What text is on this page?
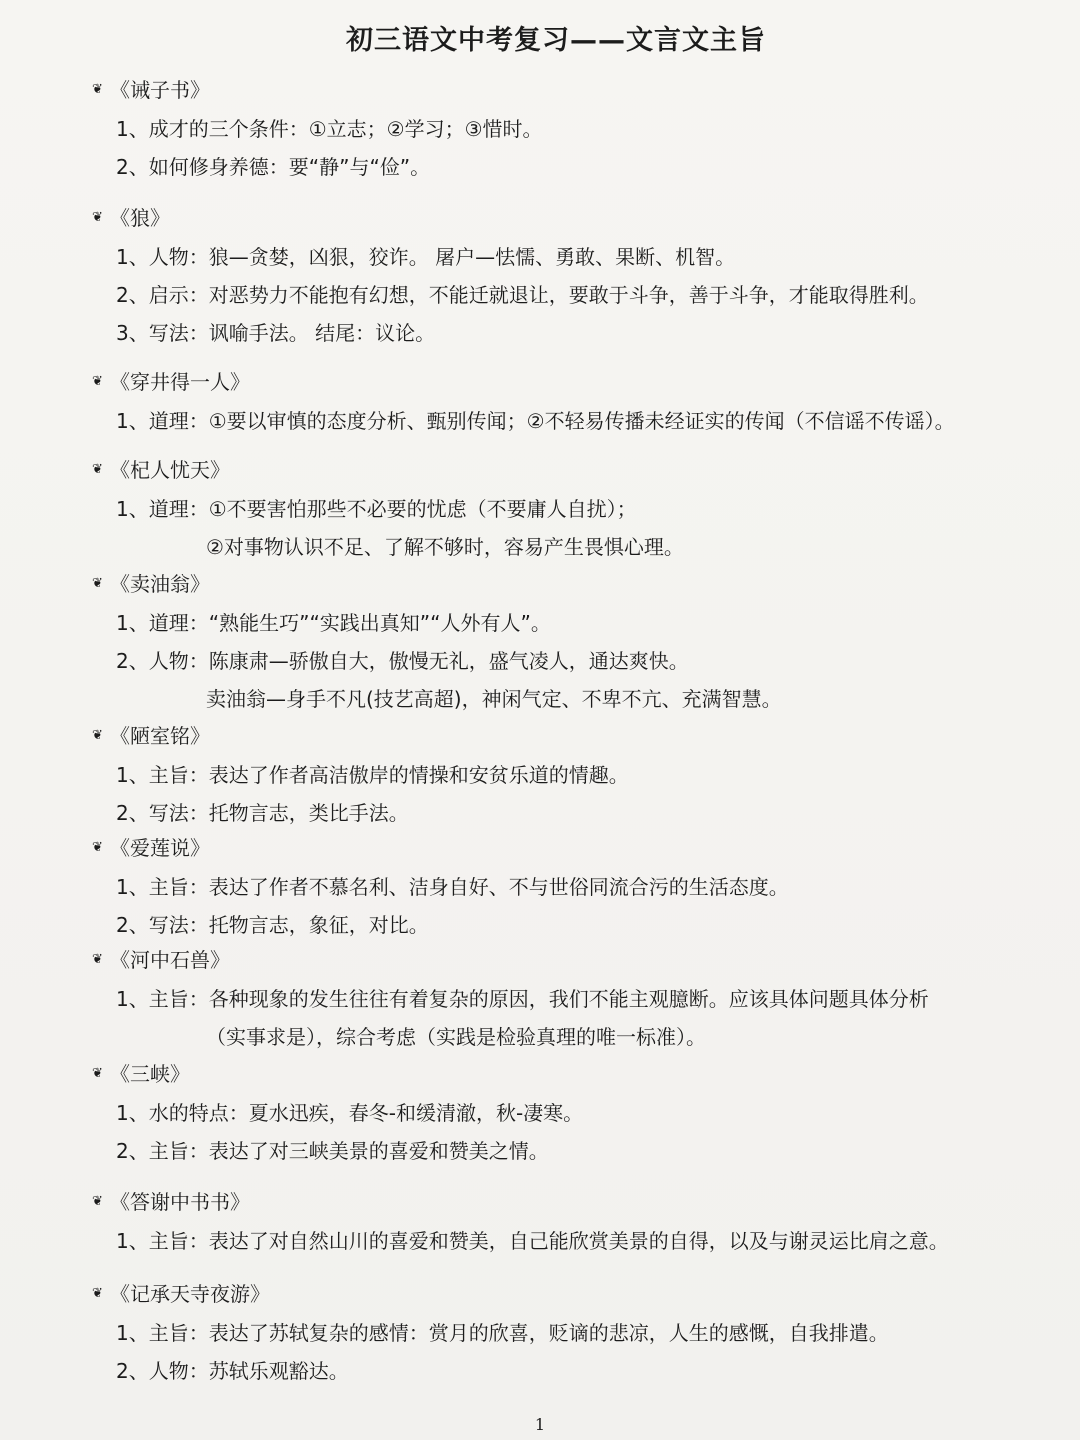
初三语文中考复习——文言文主旨
❦ 《诫子书》
1、成才的三个条件：①立志；②学习；③惜时。
2、如何修身养德：要“静”与“俭”。
❦ 《狼》
1、人物：狼—贪婪，凶狠，狡诈。 屠户—怯懦、勇敢、果断、机智。
2、启示：对恶势力不能抱有幻想，不能迁就退让，要敢于斗争，善于斗争，才能取得胜利。
3、写法：讽喻手法。 结尾：议论。
❦ 《穿井得一人》
1、道理：①要以审慎的态度分析、甄别传闻；②不轻易传播未经证实的传闻（不信谣不传谣）。
❦ 《杞人忧天》
1、道理：①不要害怕那些不必要的忧虑（不要庸人自扰）；
②对事物认识不足、了解不够时，容易产生畏惧心理。
❦ 《卖油翁》
1、道理：“熟能生巧”“实践出真知”“人外有人”。
2、人物：陈康肃—骄傲自大，傲慢无礼，盛气凌人，通达爽快。
卖油翁—身手不凡(技艺高超)，神闲气定、不卑不亢、充满智慧。
❦ 《陋室铭》
1、主旨：表达了作者高洁傲岸的情操和安贫乐道的情趣。
2、写法：托物言志，类比手法。
❦ 《爱莲说》
1、主旨：表达了作者不慕名利、洁身自好、不与世俗同流合污的生活态度。
2、写法：托物言志，象征，对比。
❦ 《河中石兽》
1、主旨：各种现象的发生往往有着复杂的原因，我们不能主观臆断。应该具体问题具体分析
（实事求是），综合考虑（实践是检验真理的唯一标准）。
❦ 《三峡》
1、水的特点：夏水迅疾，春冬-和缓清澈，秋-凄寒。
2、主旨：表达了对三峡美景的喜爱和赞美之情。
❦ 《答谢中书书》
1、主旨：表达了对自然山川的喜爱和赞美，自己能欣赏美景的自得，以及与谢灵运比肩之意。
❦ 《记承天寺夜游》
1、主旨：表达了苏轼复杂的感情：赏月的欣喜，贬谪的悲凉，人生的感慨，自我排遣。
2、人物：苏轼乐观豁达。
1
